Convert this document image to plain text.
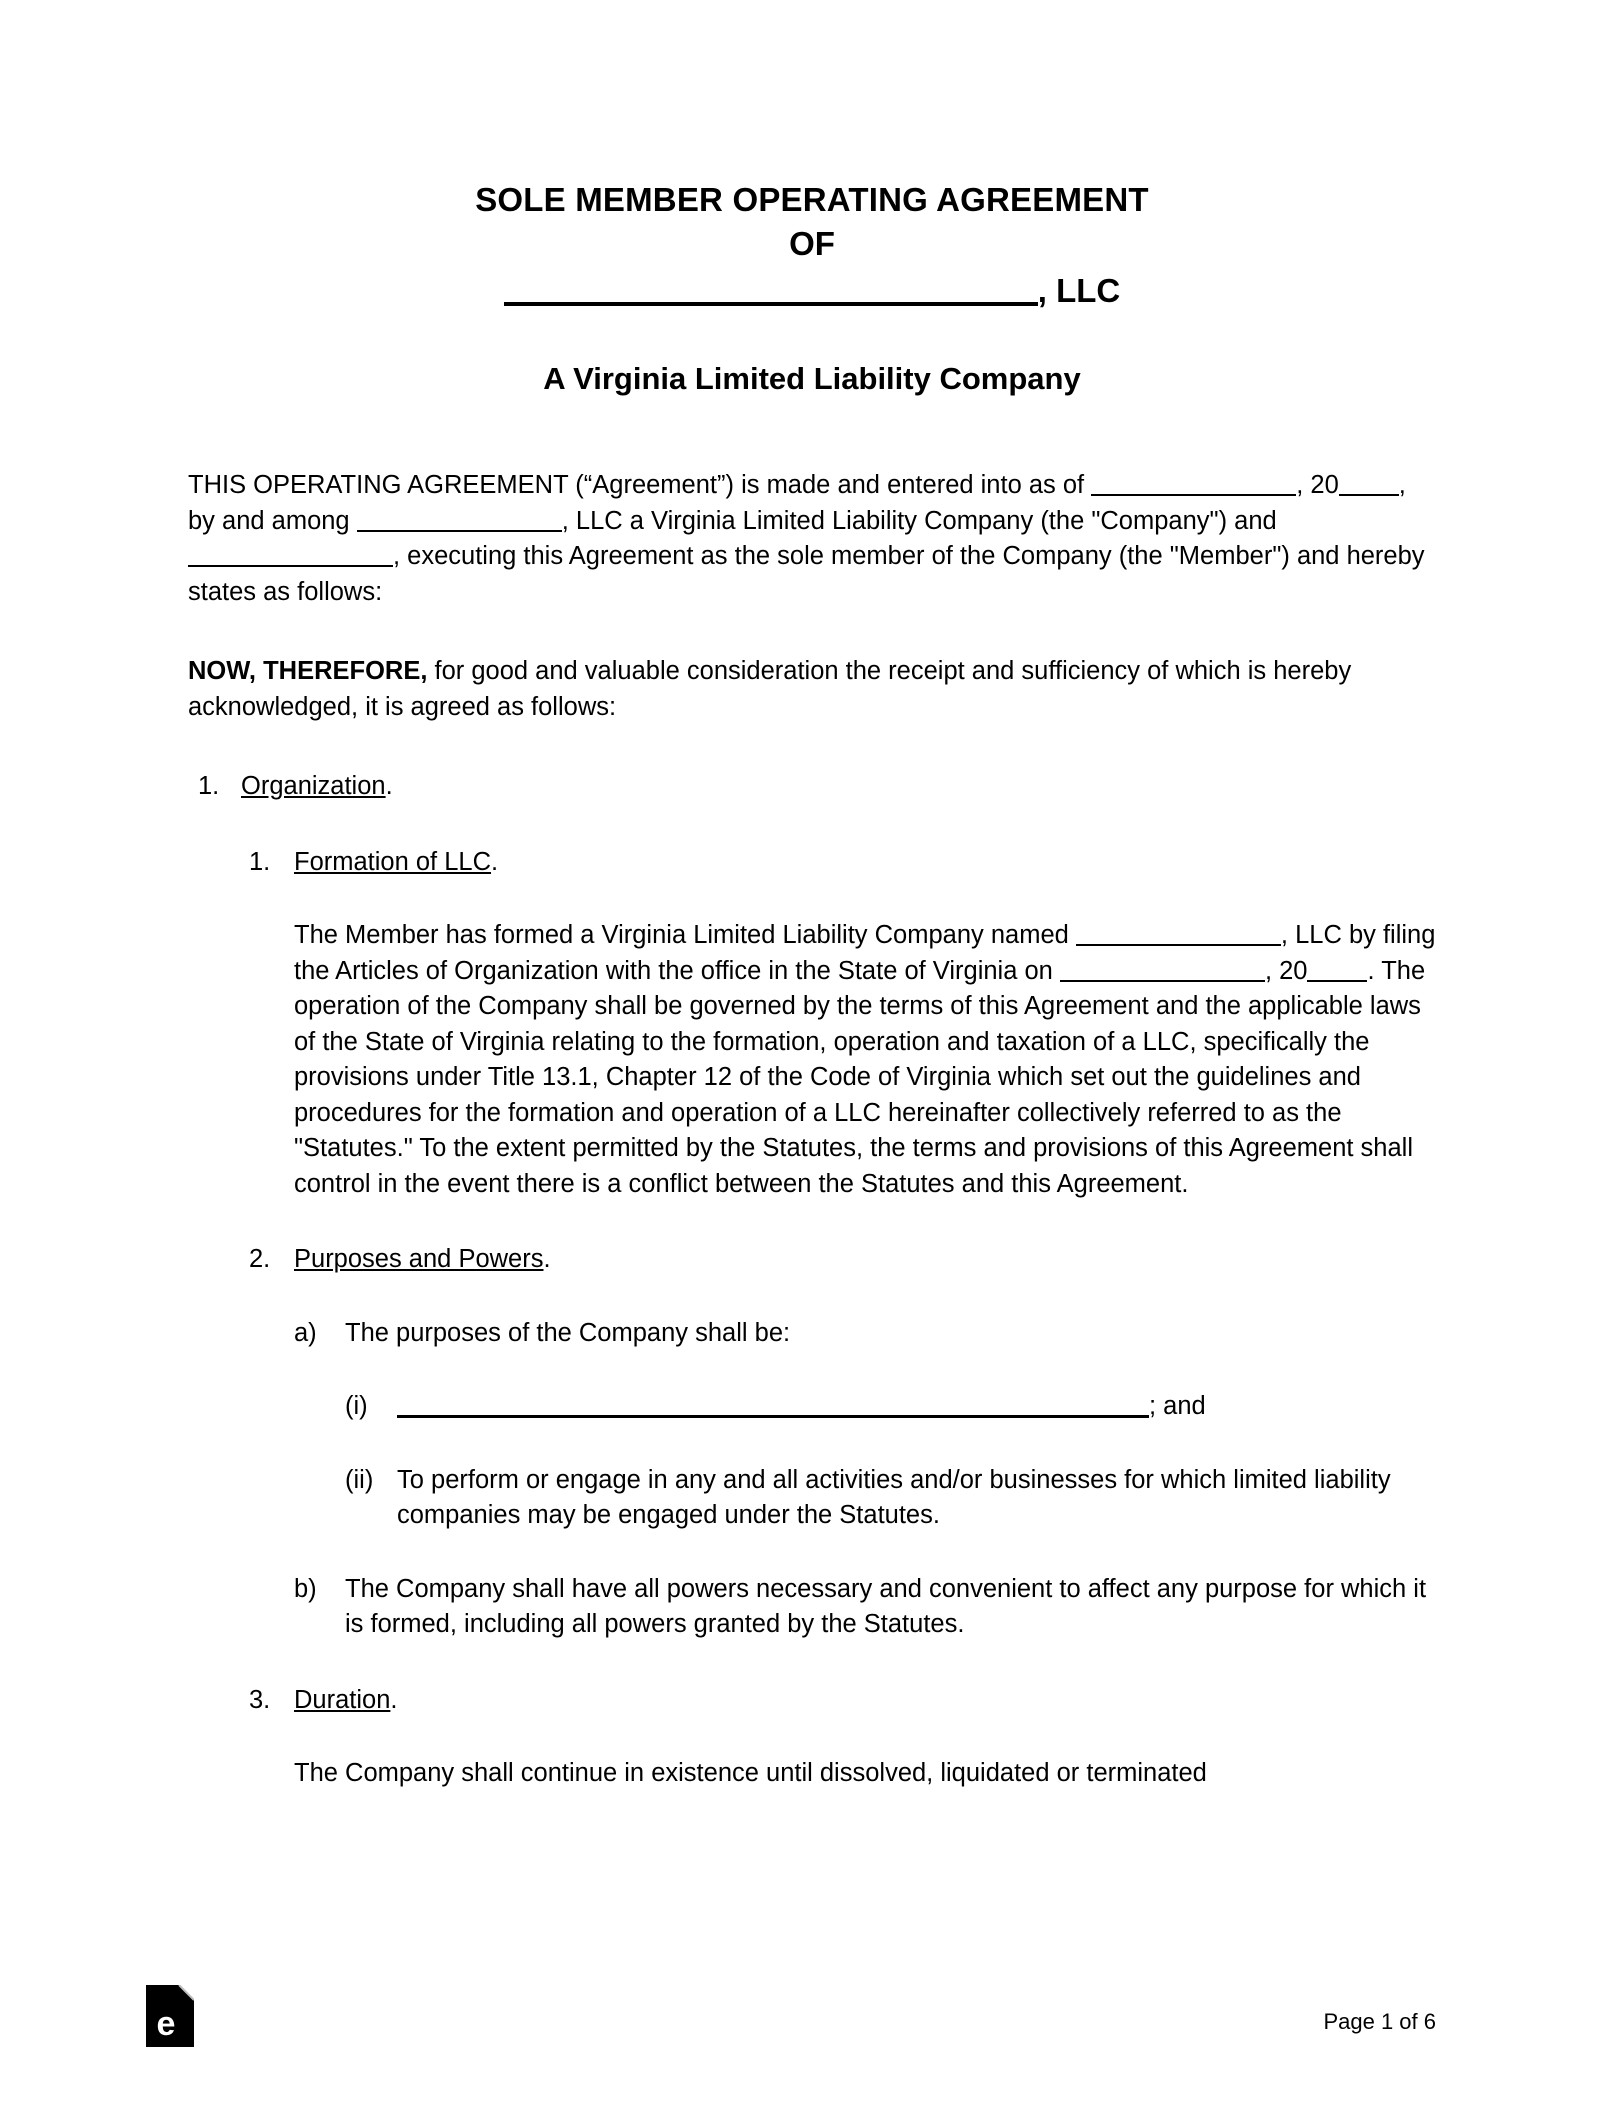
SOLE MEMBER OPERATING AGREEMENT
OF
, LLC
A Virginia Limited Liability Company
THIS OPERATING AGREEMENT (“Agreement”) is made and entered into as of	, 20 , by and among	, LLC a Virginia Limited Liability Company (the "Company") and , executing this Agreement as the sole member of the Company (the "Member") and hereby states as follows:
NOW, THEREFORE, for good and valuable consideration the receipt and sufficiency of which is hereby acknowledged, it is agreed as follows:
1. Organization.
1. Formation of LLC.
The Member has formed a Virginia Limited Liability Company named	, LLC by filing the Articles of Organization with the office in the State of Virginia on	, 20 . The operation of the Company shall be governed by the terms of this Agreement and the applicable laws of the State of Virginia relating to the formation, operation and taxation of a LLC, specifically the provisions under Title 13.1, Chapter 12 of the Code of Virginia which set out the guidelines and procedures for the formation and operation of a LLC hereinafter collectively referred to as the "Statutes." To the extent permitted by the Statutes, the terms and provisions of this Agreement shall control in the event there is a conflict between the Statutes and this Agreement.
2. Purposes and Powers.
a) The purposes of the Company shall be:
(i)	; and
(ii) To perform or engage in any and all activities and/or businesses for which limited liability companies may be engaged under the Statutes.
b) The Company shall have all powers necessary and convenient to affect any purpose for which it is formed, including all powers granted by the Statutes.
3. Duration.
The Company shall continue in existence until dissolved, liquidated or terminated
e	Page 1 of 6
